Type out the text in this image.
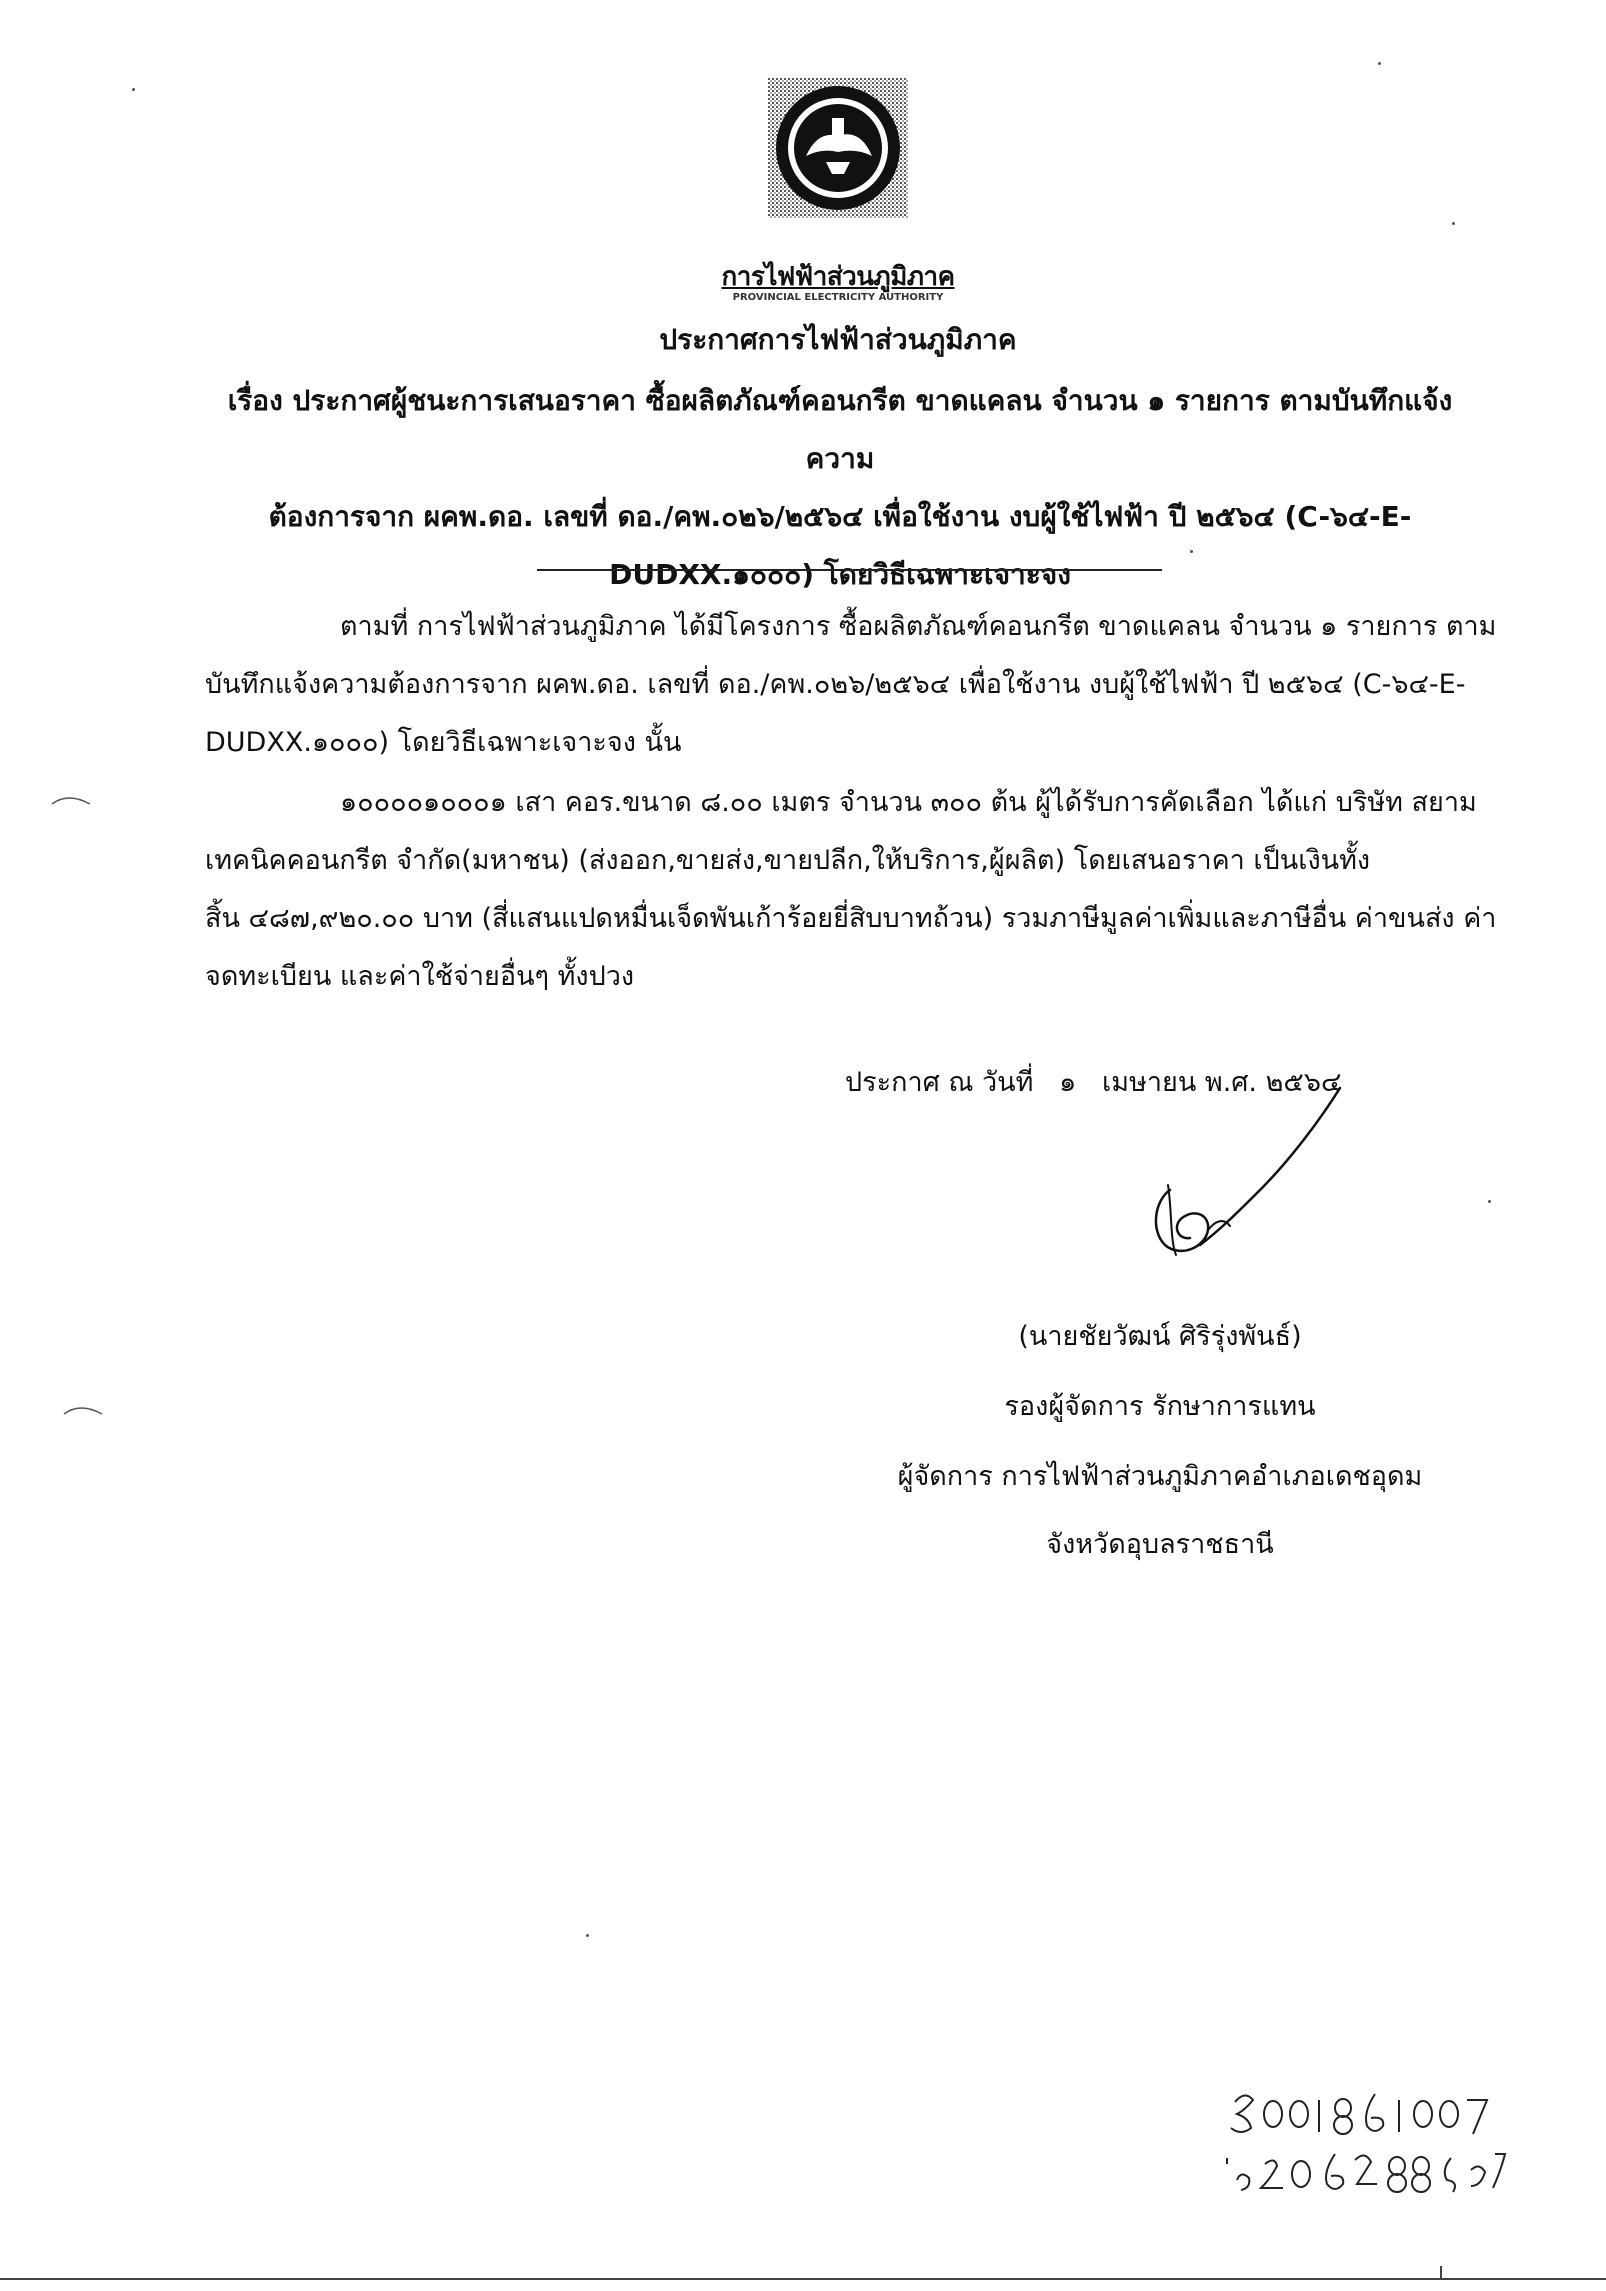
การไฟฟ้าส่วนภูมิภาค
PROVINCIAL ELECTRICITY AUTHORITY
ประกาศการไฟฟ้าส่วนภูมิภาค
เรื่อง ประกาศผู้ชนะการเสนอราคา ซื้อผลิตภัณฑ์คอนกรีต ขาดแคลน จำนวน ๑ รายการ ตามบันทึกแจ้งความ
ต้องการจาก ผคพ.ดอ. เลขที่ ดอ./คพ.๐๒๖/๒๕๖๔ เพื่อใช้งาน งบผู้ใช้ไฟฟ้า ปี ๒๕๖๔ (C-๖๔-E-
DUDXX.๑๐๐๐) โดยวิธีเฉพาะเจาะจง
ตามที่ การไฟฟ้าส่วนภูมิภาค ได้มีโครงการ ซื้อผลิตภัณฑ์คอนกรีต ขาดแคลน จำนวน ๑ รายการ ตาม
บันทึกแจ้งความต้องการจาก ผคพ.ดอ. เลขที่ ดอ./คพ.๐๒๖/๒๕๖๔ เพื่อใช้งาน งบผู้ใช้ไฟฟ้า ปี ๒๕๖๔ (C-๖๔-E-
DUDXX.๑๐๐๐) โดยวิธีเฉพาะเจาะจง นั้น
๑๐๐๐๐๑๐๐๐๑ เสา คอร.ขนาด ๘.๐๐ เมตร จำนวน ๓๐๐ ต้น ผู้ได้รับการคัดเลือก ได้แก่ บริษัท สยาม
เทคนิคคอนกรีต จำกัด(มหาชน) (ส่งออก,ขายส่ง,ขายปลีก,ให้บริการ,ผู้ผลิต) โดยเสนอราคา เป็นเงินทั้ง
สิ้น ๔๘๗,๙๒๐.๐๐ บาท (สี่แสนแปดหมื่นเจ็ดพันเก้าร้อยยี่สิบบาทถ้วน) รวมภาษีมูลค่าเพิ่มและภาษีอื่น ค่าขนส่ง ค่า
จดทะเบียน และค่าใช้จ่ายอื่นๆ ทั้งปวง
ประกาศ ณ วันที่   ๑   เมษายน พ.ศ. ๒๕๖๔
(นายชัยวัฒน์ ศิริรุ่งพันธ์)
รองผู้จัดการ รักษาการแทน
ผู้จัดการ การไฟฟ้าส่วนภูมิภาคอำเภอเดชอุดม
จังหวัดอุบลราชธานี
